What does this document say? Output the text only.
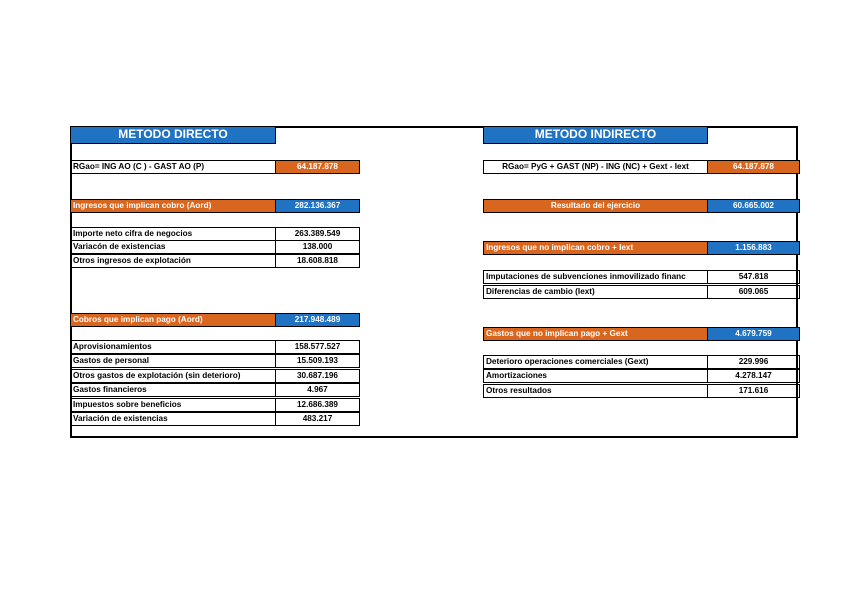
METODO DIRECTO
RGao= ING AO (C ) - GAST AO (P)	64.187.878
Ingresos que implican cobro (Aord)	282.136.367
Importe neto cifra de negocios	263.389.549
Variacón de existencias	138.000
Otros ingresos de explotación	18.608.818
Cobros que implican pago (Aord)	217.948.489
Aprovisionamientos	158.577.527
Gastos de personal	15.509.193
Otros gastos de explotación (sin deterioro)	30.687.196
Gastos financieros	4.967
Impuestos sobre beneficios	12.686.389
Variación de existencias	483.217
METODO INDIRECTO
RGao= PyG + GAST (NP) - ING (NC) + Gext - Iext	64.187.878
Resultado del ejercicio	60.665.002
Ingresos que no implican cobro + Iext	1.156.883
Imputaciones de subvenciones inmovilizado financ	547.818
Diferencias de cambio (Iext)	609.065
Gastos que no implican pago + Gext	4.679.759
Deterioro operaciones comerciales (Gext)	229.996
Amortizaciones	4.278.147
Otros resultados	171.616
